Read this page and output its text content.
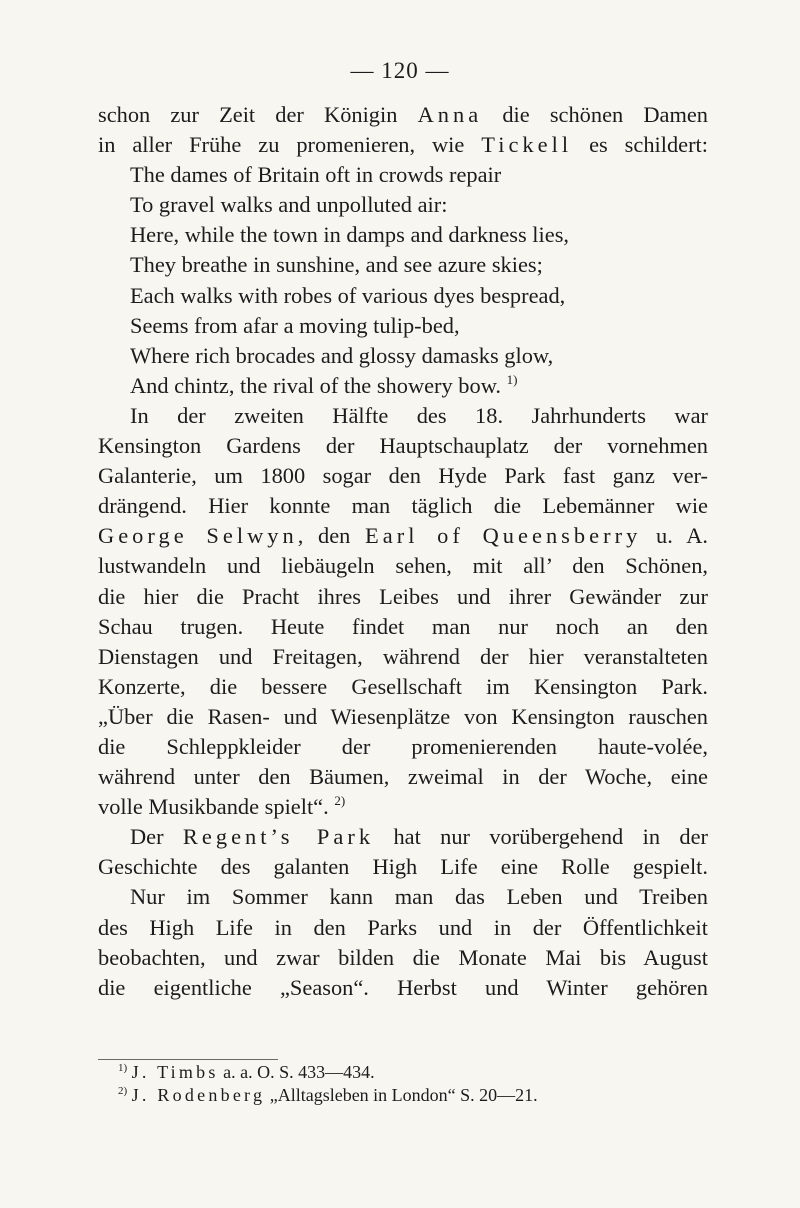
— 120 —
schon zur Zeit der Königin Anna die schönen Damen
in aller Frühe zu promenieren, wie Tickell es schildert:
The dames of Britain oft in crowds repair
To gravel walks and unpolluted air:
Here, while the town in damps and darkness lies,
They breathe in sunshine, and see azure skies;
Each walks with robes of various dyes bespread,
Seems from afar a moving tulip-bed,
Where rich brocades and glossy damasks glow,
And chintz, the rival of the showery bow. $^{1)}$
In der zweiten Hälfte des 18. Jahrhunderts war
Kensington Gardens der Hauptschauplatz der vornehmen
Galanterie, um 1800 sogar den Hyde Park fast ganz ver-
drängend. Hier konnte man täglich die Lebemänner wie
George Selwyn, den Earl of Queensberry u. A.
lustwandeln und liebäugeln sehen, mit all’ den Schönen,
die hier die Pracht ihres Leibes und ihrer Gewänder zur
Schau trugen. Heute findet man nur noch an den
Dienstagen und Freitagen, während der hier veranstalteten
Konzerte, die bessere Gesellschaft im Kensington Park.
„Über die Rasen- und Wiesenplätze von Kensington rauschen
die Schleppkleider der promenierenden haute-volée,
während unter den Bäumen, zweimal in der Woche, eine
volle Musikbande spielt“. $^{2)}$
Der Regent’s Park hat nur vorübergehend in der
Geschichte des galanten High Life eine Rolle gespielt.
Nur im Sommer kann man das Leben und Treiben
des High Life in den Parks und in der Öffentlichkeit
beobachten, und zwar bilden die Monate Mai bis August
die eigentliche „Season“. Herbst und Winter gehören
$^{1)}$ J. Timbs a. a. O. S. 433—434.
$^{2)}$ J. Rodenberg „Alltagsleben in London“ S. 20—21.
